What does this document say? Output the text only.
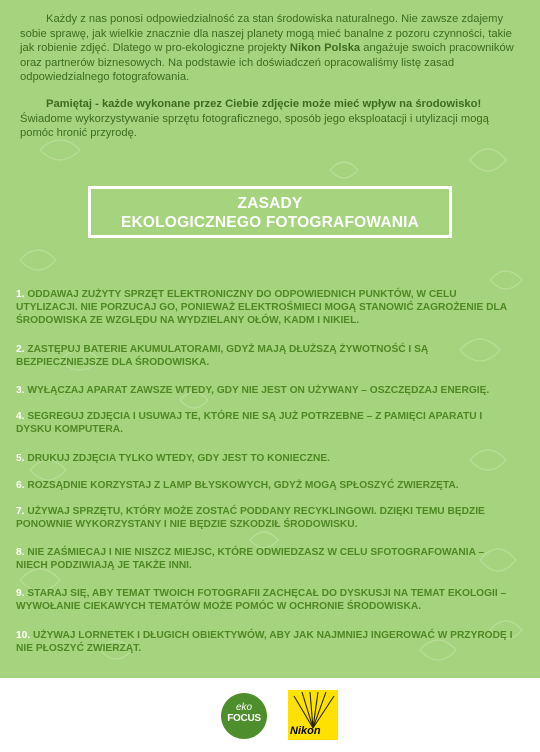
Każdy z nas ponosi odpowiedzialność za stan środowiska naturalnego. Nie zawsze zdajemy sobie sprawę, jak wielkie znacznie dla naszej planety mogą mieć banalne z pozoru czynności, takie jak robienie zdjęć. Dlatego w pro-ekologiczne projekty Nikon Polska angażuje swoich pracowników oraz partnerów biznesowych. Na podstawie ich doświadczeń opracowaliśmy listę zasad odpowiedzialnego fotografowania.

Pamiętaj - każde wykonane przez Ciebie zdjęcie może mieć wpływ na środowisko! Świadome wykorzystywanie sprzętu fotograficznego, sposób jego eksploatacji i utylizacji mogą pomóc hronić przyrodę.

ZASADY
EKOLOGICZNEGO FOTOGRAFOWANIA
1. ODDAWAJ ZUŻYTY SPRZĘT ELEKTRONICZNY DO ODPOWIEDNICH PUNKTÓW, W CELU UTYLIZACJI. NIE PORZUCAJ GO, PONIEWAŻ ELEKTROŚMIECI MOGĄ STANOWIĆ ZAGROŻENIE DLA ŚRODOWISKA ZE WZGLĘDU NA WYDZIELANY OŁÓW, KADM I NIKIEL.
2. ZASTĘPUJ BATERIE AKUMULATORAMI, GDYŻ MAJĄ DŁUŻSZĄ ŻYWOTNOŚĆ I SĄ BEZPIECZNIEJSZE DLA ŚRODOWISKA.
3. WYŁĄCZAJ APARAT ZAWSZE WTEDY, GDY NIE JEST ON UŻYWANY – OSZCZĘDZAJ ENERGIĘ.
4. SEGREGUJ ZDJĘCIA I USUWAJ TE, KTÓRE NIE SĄ JUŻ POTRZEBNE – Z PAMIĘCI APARATU I DYSKU KOMPUTERA.
5. DRUKUJ ZDJĘCIA TYLKO WTEDY, GDY JEST TO KONIECZNE.
6. ROZSĄDNIE KORZYSTAJ Z LAMP BŁYSKOWYCH, GDYŻ MOGĄ SPŁOSZYĆ ZWIERZĘTA.
7. UŻYWAJ SPRZĘTU, KTÓRY MOŻE ZOSTAĆ PODDANY RECYKLINGOWI. DZIĘKI TEMU BĘDZIE PONOWNIE WYKORZYSTANY I NIE BĘDZIE SZKODZIŁ ŚRODOWISKU.
8. NIE ZAŚMIECAJ I NIE NISZCZ MIEJSC, KTÓRE ODWIEDZASZ W CELU SFOTOGRAFOWANIA – NIECH PODZIWIAJĄ JE TAKŻE INNI.
9. STARAJ SIĘ, ABY TEMAT TWOICH FOTOGRAFII ZACHĘCAŁ DO DYSKUSJI NA TEMAT EKOLOGII – WYWOŁANIE CIEKAWYCH TEMATÓW MOŻE POMÓC W OCHRONIE ŚRODOWISKA.
10. UŻYWAJ LORNETEK I DŁUGICH OBIEKTYWÓW, ABY JAK NAJMNIEJ INGEROWAĆ W PRZYRODĘ I NIE PŁOSZYĆ ZWIERZĄT.
eko
FOCUS
Nikon
